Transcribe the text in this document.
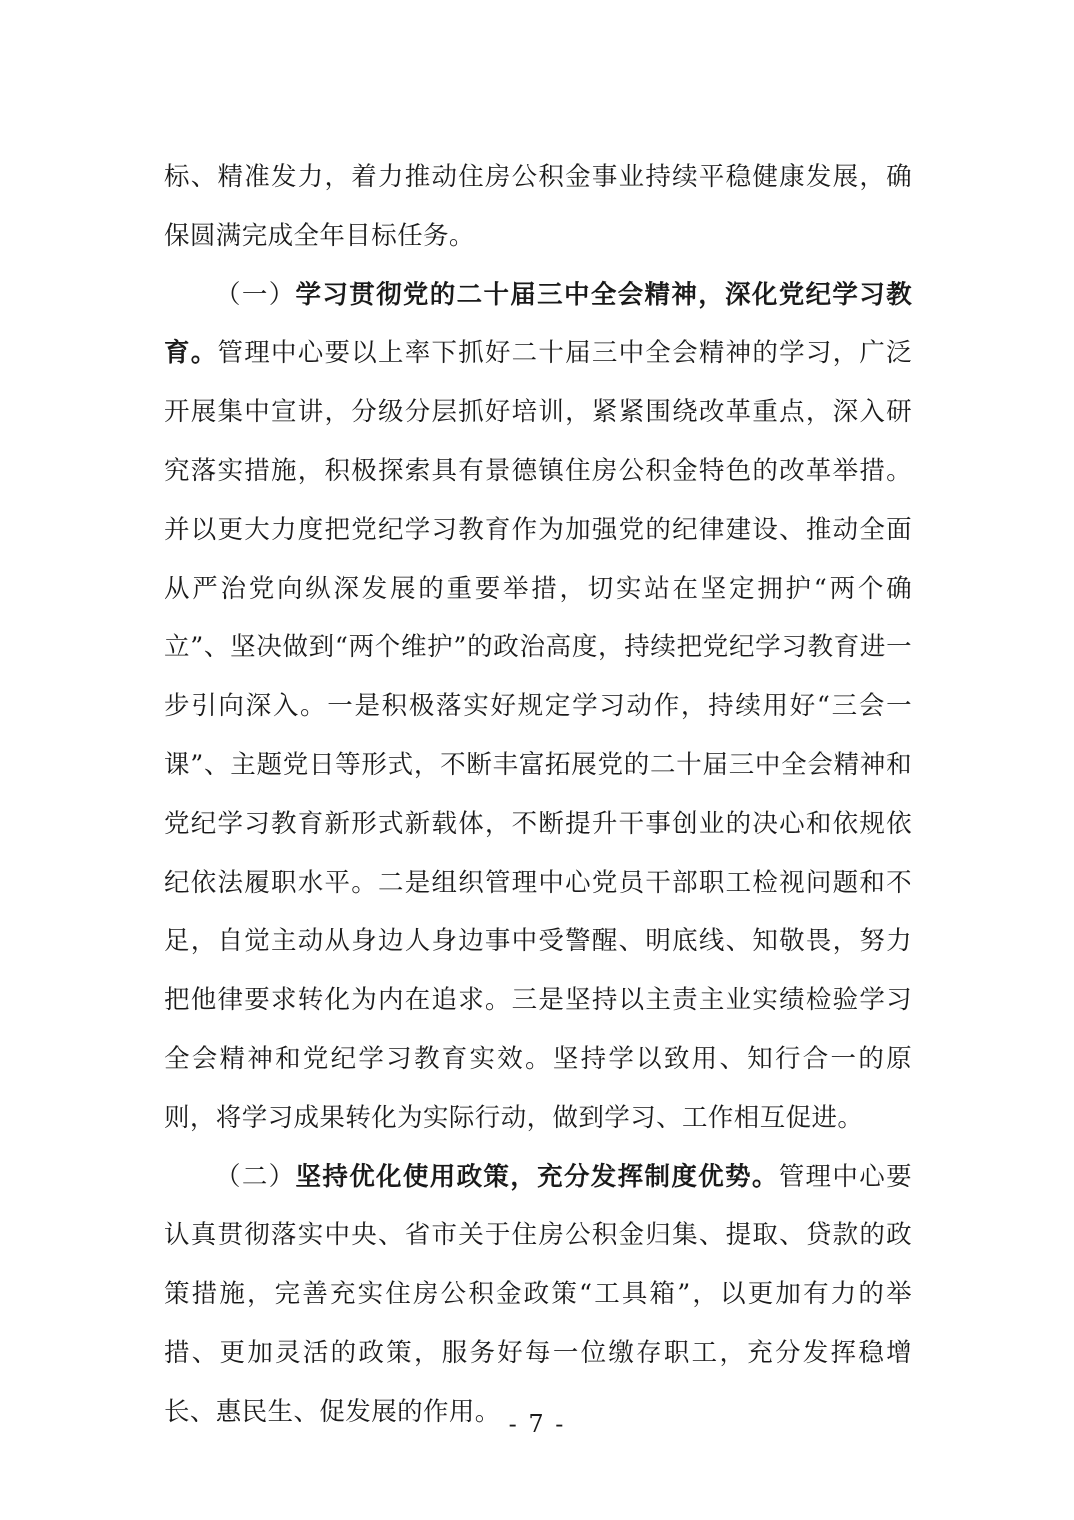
标、精准发力，着力推动住房公积金事业持续平稳健康发展，确保圆满完成全年目标任务。

（一）学习贯彻党的二十届三中全会精神，深化党纪学习教育。管理中心要以上率下抓好二十届三中全会精神的学习，广泛开展集中宣讲，分级分层抓好培训，紧紧围绕改革重点，深入研究落实措施，积极探索具有景德镇住房公积金特色的改革举措。并以更大力度把党纪学习教育作为加强党的纪律建设、推动全面从严治党向纵深发展的重要举措，切实站在坚定拥护“两个确立”、坚决做到“两个维护”的政治高度，持续把党纪学习教育进一步引向深入。一是积极落实好规定学习动作，持续用好“三会一课”、主题党日等形式，不断丰富拓展党的二十届三中全会精神和党纪学习教育新形式新载体，不断提升干事创业的决心和依规依纪依法履职水平。二是组织管理中心党员干部职工检视问题和不足，自觉主动从身边人身边事中受警醒、明底线、知敬畏，努力把他律要求转化为内在追求。三是坚持以主责主业实绩检验学习全会精神和党纪学习教育实效。坚持学以致用、知行合一的原则，将学习成果转化为实际行动，做到学习、工作相互促进。

（二）坚持优化使用政策，充分发挥制度优势。管理中心要认真贯彻落实中央、省市关于住房公积金归集、提取、贷款的政策措施，完善充实住房公积金政策“工具箱”，以更加有力的举措、更加灵活的政策，服务好每一位缴存职工，充分发挥稳增长、惠民生、促发展的作用。 - 7 -
